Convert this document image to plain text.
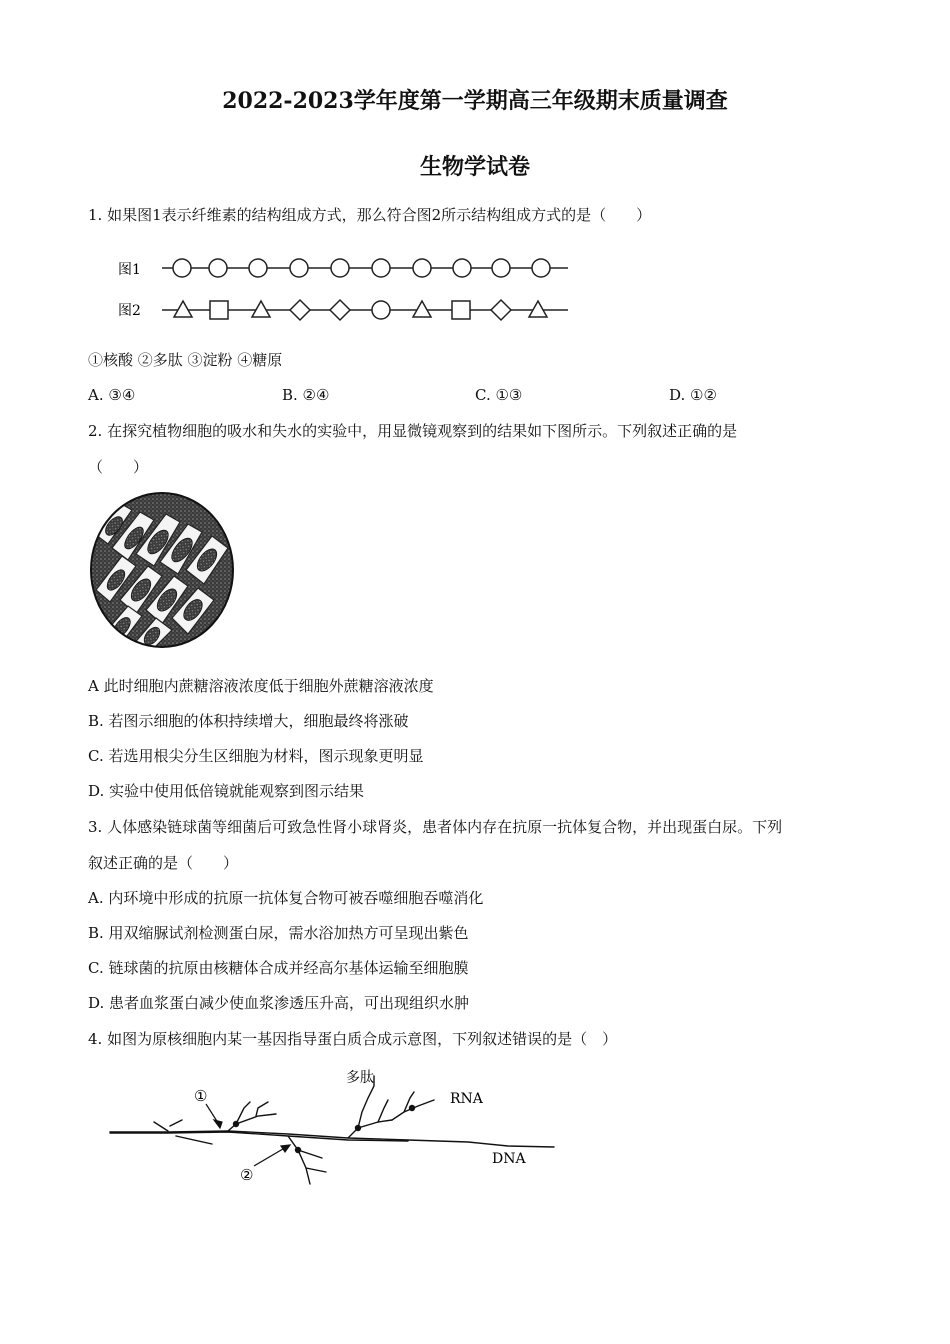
2022-2023学年度第一学期高三年级期末质量调查
生物学试卷
1. 如果图1表示纤维素的结构组成方式，那么符合图2所示结构组成方式的是（　　）
图1
图2
①核酸 ②多肽 ③淀粉 ④糖原
A. ③④	B. ②④	C. ①③	D. ①②
2. 在探究植物细胞的吸水和失水的实验中，用显微镜观察到的结果如下图所示。下列叙述正确的是
（　　）
A 此时细胞内蔗糖溶液浓度低于细胞外蔗糖溶液浓度
B. 若图示细胞的体积持续增大，细胞最终将涨破
C. 若选用根尖分生区细胞为材料，图示现象更明显
D. 实验中使用低倍镜就能观察到图示结果
3. 人体感染链球菌等细菌后可致急性肾小球肾炎，患者体内存在抗原一抗体复合物，并出现蛋白尿。下列
叙述正确的是（　　）
A. 内环境中形成的抗原一抗体复合物可被吞噬细胞吞噬消化
B. 用双缩脲试剂检测蛋白尿，需水浴加热方可呈现出紫色
C. 链球菌的抗原由核糖体合成并经高尔基体运输至细胞膜
D. 患者血浆蛋白减少使血浆渗透压升高，可出现组织水肿
4. 如图为原核细胞内某一基因指导蛋白质合成示意图，下列叙述错误的是（　）
①
②
多肽
RNA
DNA
